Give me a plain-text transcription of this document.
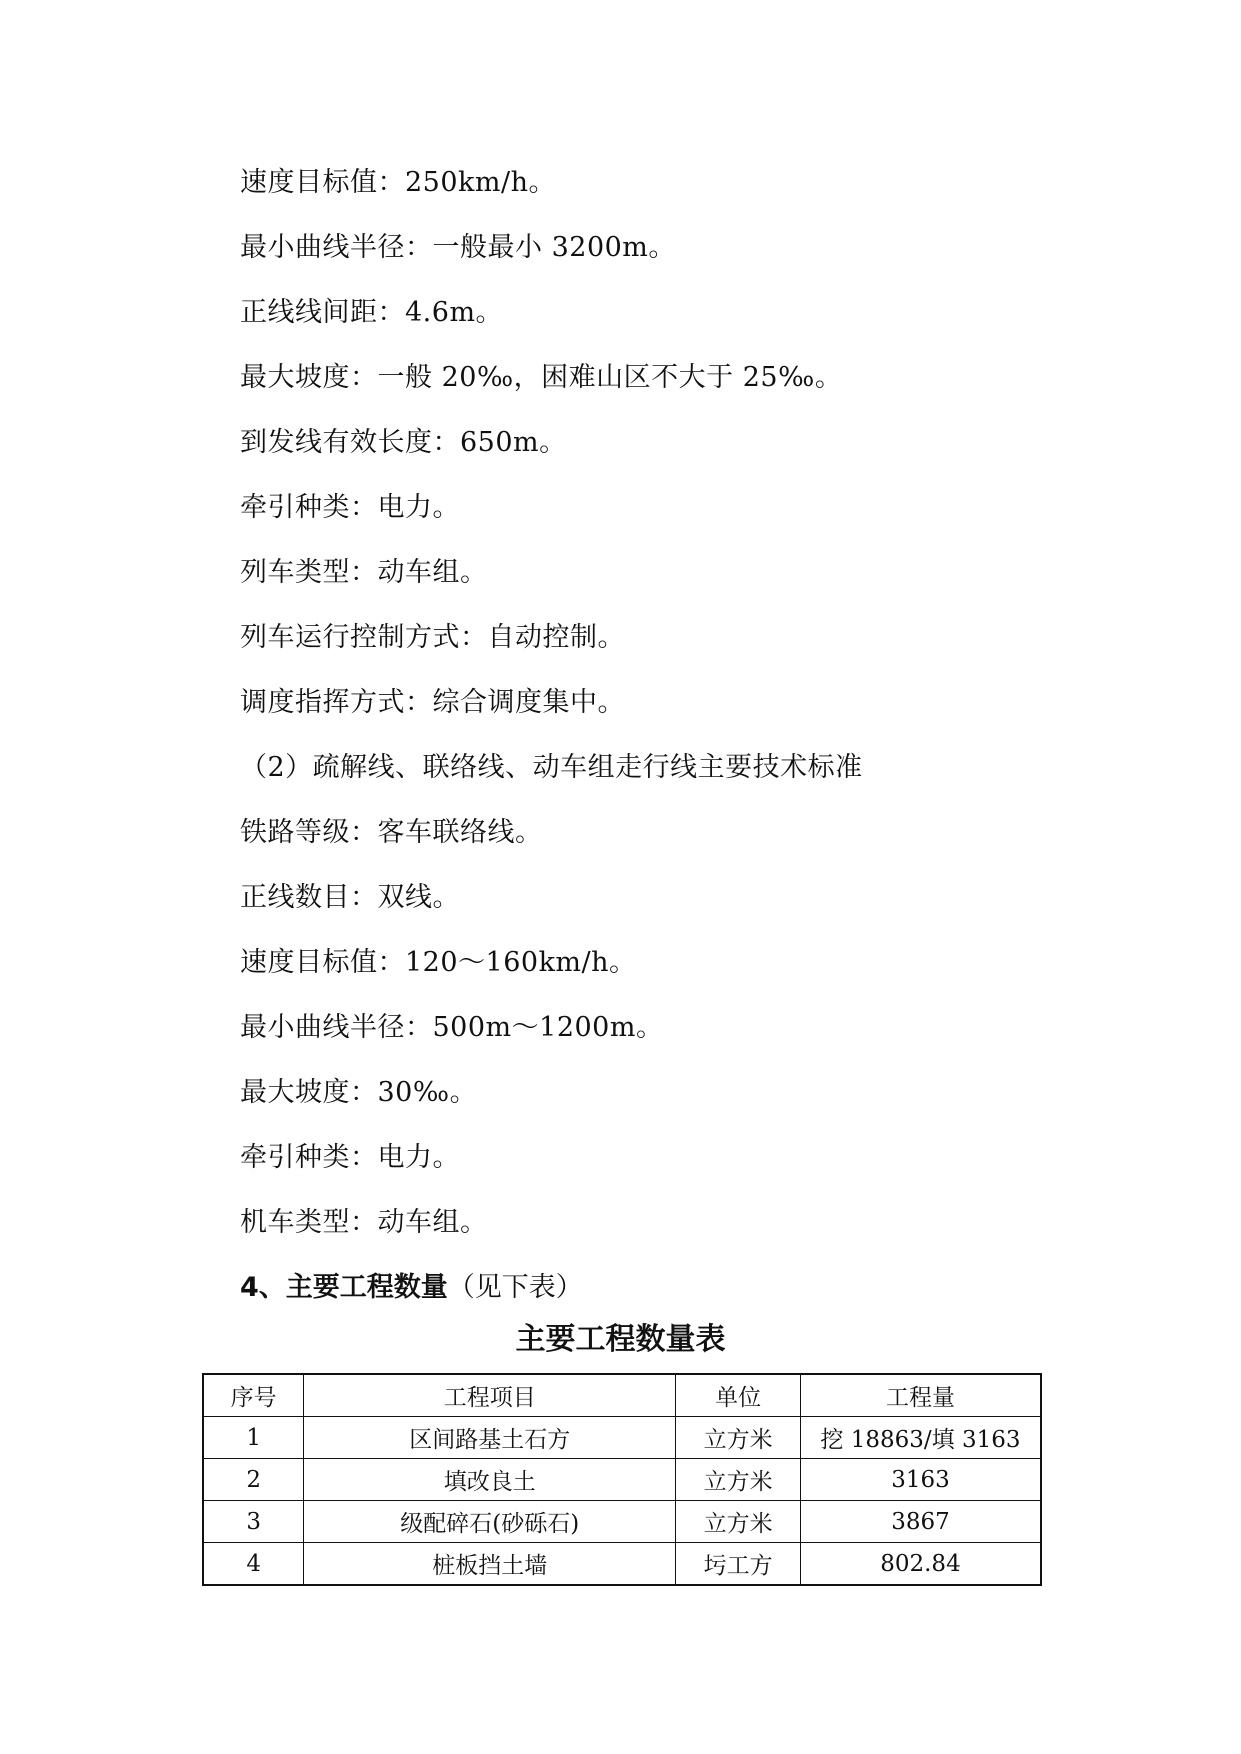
速度目标值：250km/h。
最小曲线半径：一般最小 3200m。
正线线间距：4.6m。
最大坡度：一般 20‰，困难山区不大于 25‰。
到发线有效长度：650m。
牵引种类：电力。
列车类型：动车组。
列车运行控制方式：自动控制。
调度指挥方式：综合调度集中。
（2）疏解线、联络线、动车组走行线主要技术标准
铁路等级：客车联络线。
正线数目：双线。
速度目标值：120～160km/h。
最小曲线半径：500m～1200m。
最大坡度：30‰。
牵引种类：电力。
机车类型：动车组。
4、主要工程数量（见下表）
主要工程数量表
序号	工程项目	单位	工程量
1	区间路基土石方	立方米	挖 18863/填 3163
2	填改良土	立方米	3163
3	级配碎石(砂砾石)	立方米	3867
4	桩板挡土墙	圬工方	802.84
